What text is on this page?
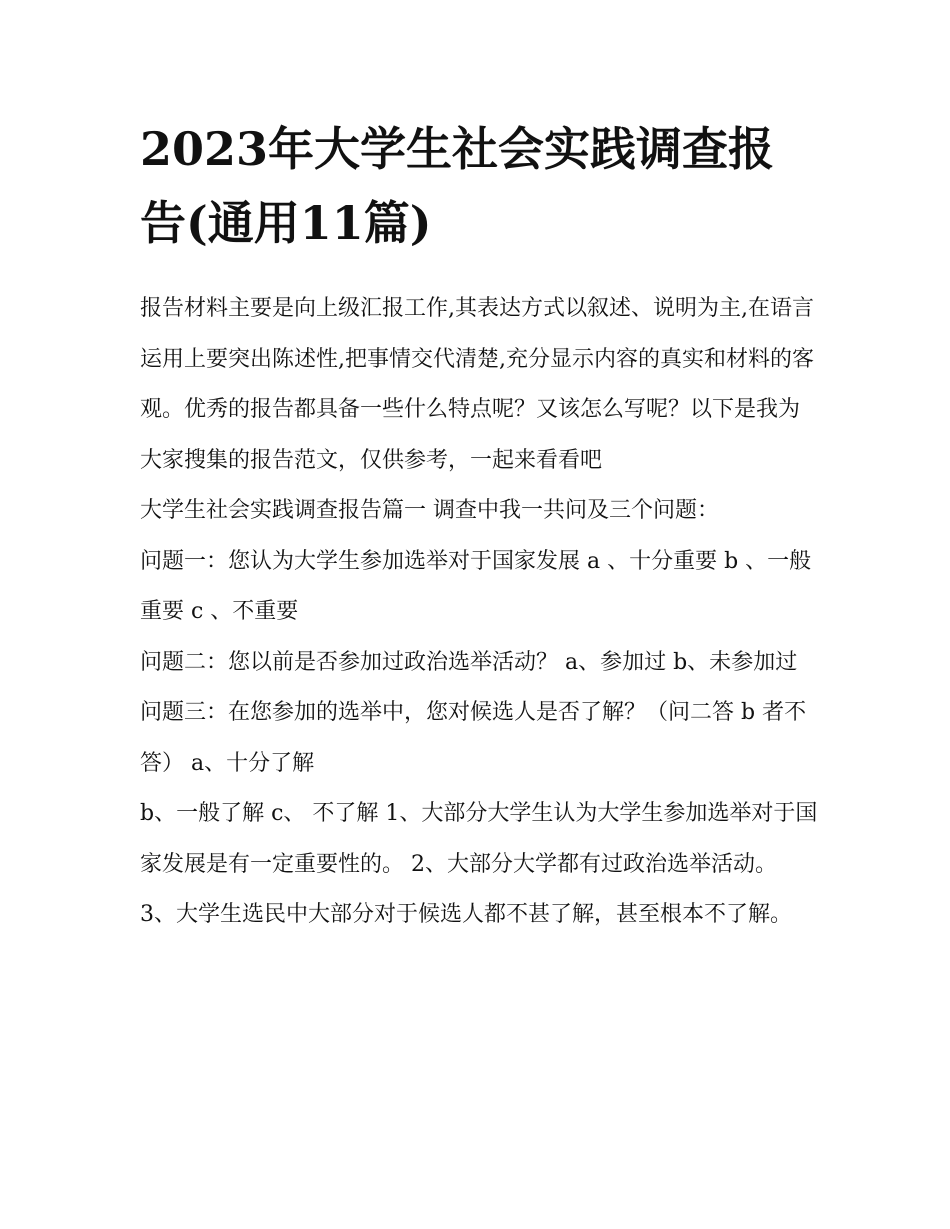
2023年大学生社会实践调查报告(通用11篇)

报告材料主要是向上级汇报工作,其表达方式以叙述、说明为主,在语言运用上要突出陈述性,把事情交代清楚,充分显示内容的真实和材料的客观。优秀的报告都具备一些什么特点呢？又该怎么写呢？以下是我为大家搜集的报告范文，仅供参考，一起来看看吧

大学生社会实践调查报告篇一 调查中我一共问及三个问题：

问题一：您认为大学生参加选举对于国家发展 a 、十分重要 b 、一般重要 c 、不重要

问题二：您以前是否参加过政治选举活动？ a、参加过 b、未参加过 问题三：在您参加的选举中，您对候选人是否了解？（问二答 b 者不答） a、十分了解

b、一般了解 c、 不了解 1、大部分大学生认为大学生参加选举对于国家发展是有一定重要性的。 2、大部分大学都有过政治选举活动。

3、大学生选民中大部分对于候选人都不甚了解，甚至根本不了解。
